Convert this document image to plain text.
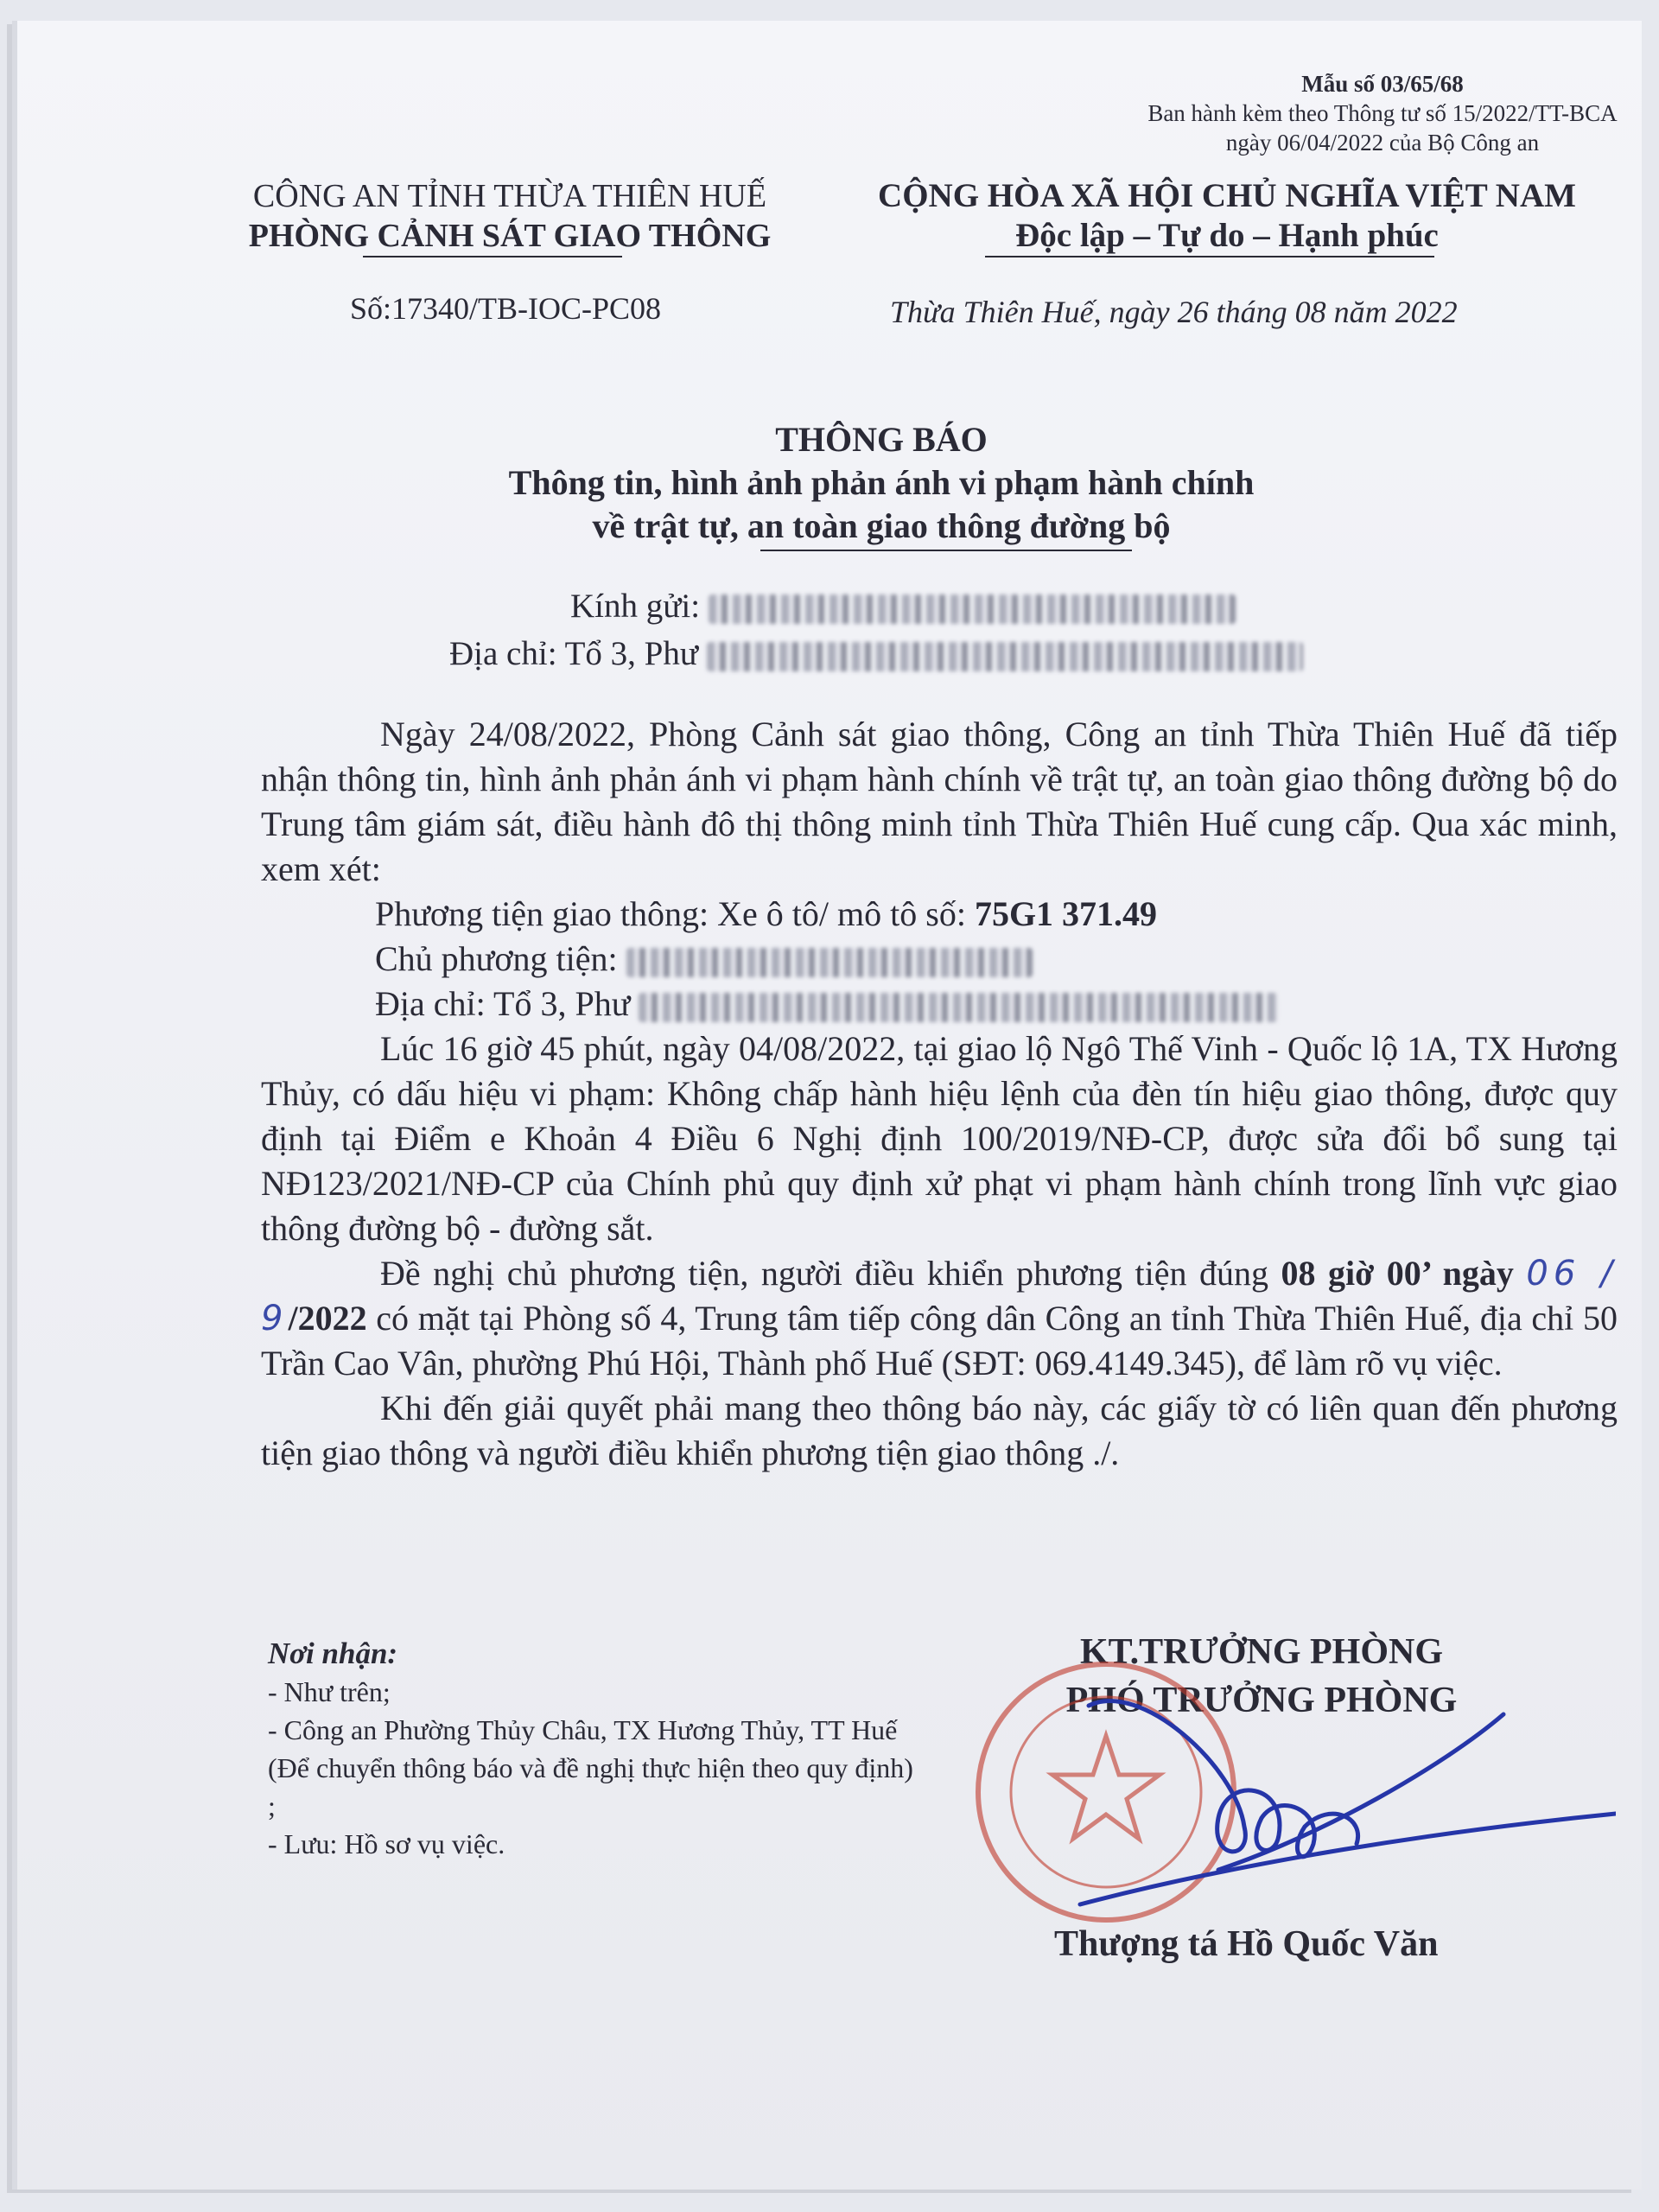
Mẫu số 03/65/68
Ban hành kèm theo Thông tư số 15/2022/TT-BCA
ngày 06/04/2022 của Bộ Công an
CÔNG AN TỈNH THỪA THIÊN HUẾ
PHÒNG CẢNH SÁT GIAO THÔNG
CỘNG HÒA XÃ HỘI CHỦ NGHĨA VIỆT NAM
Độc lập – Tự do – Hạnh phúc
Số:17340/TB-IOC-PC08	Thừa Thiên Huế, ngày 26 tháng 08 năm 2022
THÔNG BÁO
Thông tin, hình ảnh phản ánh vi phạm hành chính
về trật tự, an toàn giao thông đường bộ
Kính gửi:
Địa chỉ: Tổ 3, Phư

Ngày 24/08/2022, Phòng Cảnh sát giao thông, Công an tỉnh Thừa Thiên Huế đã tiếp nhận thông tin, hình ảnh phản ánh vi phạm hành chính về trật tự, an toàn giao thông đường bộ do Trung tâm giám sát, điều hành đô thị thông minh tỉnh Thừa Thiên Huế cung cấp. Qua xác minh, xem xét:

Phương tiện giao thông: Xe ô tô/ mô tô số: 75G1 371.49

Chủ phương tiện:

Địa chỉ: Tổ 3, Phư

Lúc 16 giờ 45 phút, ngày 04/08/2022, tại giao lộ Ngô Thế Vinh - Quốc lộ 1A, TX Hương Thủy, có dấu hiệu vi phạm: Không chấp hành hiệu lệnh của đèn tín hiệu giao thông, được quy định tại Điểm e Khoản 4 Điều 6 Nghị định 100/2019/NĐ-CP, được sửa đổi bổ sung tại NĐ123/2021/NĐ-CP của Chính phủ quy định xử phạt vi phạm hành chính trong lĩnh vực giao thông đường bộ - đường sắt.

Đề nghị chủ phương tiện, người điều khiển phương tiện đúng 08 giờ 00’ ngày 06 / 9/2022 có mặt tại Phòng số 4, Trung tâm tiếp công dân Công an tỉnh Thừa Thiên Huế, địa chỉ 50 Trần Cao Vân, phường Phú Hội, Thành phố Huế (SĐT: 069.4149.345), để làm rõ vụ việc.

Khi đến giải quyết phải mang theo thông báo này, các giấy tờ có liên quan đến phương tiện giao thông và người điều khiển phương tiện giao thông ./.

Nơi nhận:
- Như trên;
- Công an Phường Thủy Châu, TX Hương Thủy, TT Huế (Để chuyển thông báo và đề nghị thực hiện theo quy định) ;
- Lưu: Hồ sơ vụ việc.
KT.TRƯỞNG PHÒNG
PHÓ TRƯỞNG PHÒNG
Thượng tá Hồ Quốc Văn
